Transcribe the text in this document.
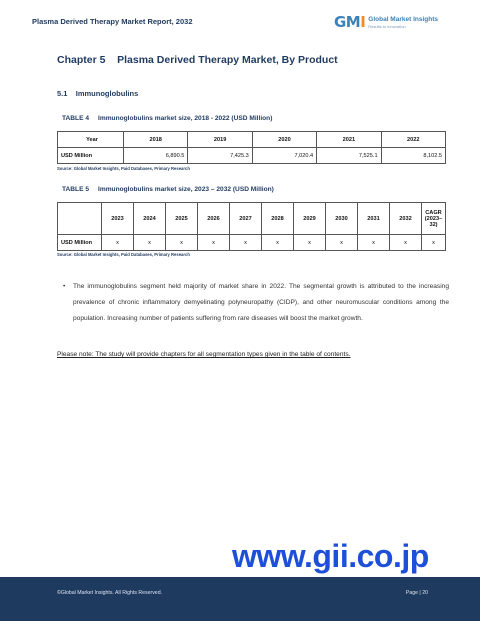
Plasma Derived Therapy Market Report, 2032	GMI Global Market Insights
Results to Innovation
Chapter 5    Plasma Derived Therapy Market, By Product
5.1    Immunoglobulins
TABLE 4 Immunoglobulins market size, 2018 - 2022 (USD Million)
Year	2018	2019	2020	2021	2022
USD Million	6,890.5	7,425.3	7,020.4	7,525.1	8,102.5
Source: Global Market Insights, Paid Databases, Primary Research
TABLE 5 Immunoglobulins market size, 2023 – 2032 (USD Million)
	2023	2024	2025	2026	2027	2028	2029	2030	2031	2032	CAGR (2023–32)
USD Million	x	x	x	x	x	x	x	x	x	x	x
Source: Global Market Insights, Paid Databases, Primary Research
• The immunoglobulins segment held majority of market share in 2022. The segmental growth is attributed to the increasing prevalence of chronic inflammatory demyelinating polyneuropathy (CIDP), and other neuromuscular conditions among the population. Increasing number of patients suffering from rare diseases will boost the market growth.
Please note: The study will provide chapters for all segmentation types given in the table of contents.
www.gii.co.jp
©Global Market Insights. All Rights Reserved.	Page | 20
